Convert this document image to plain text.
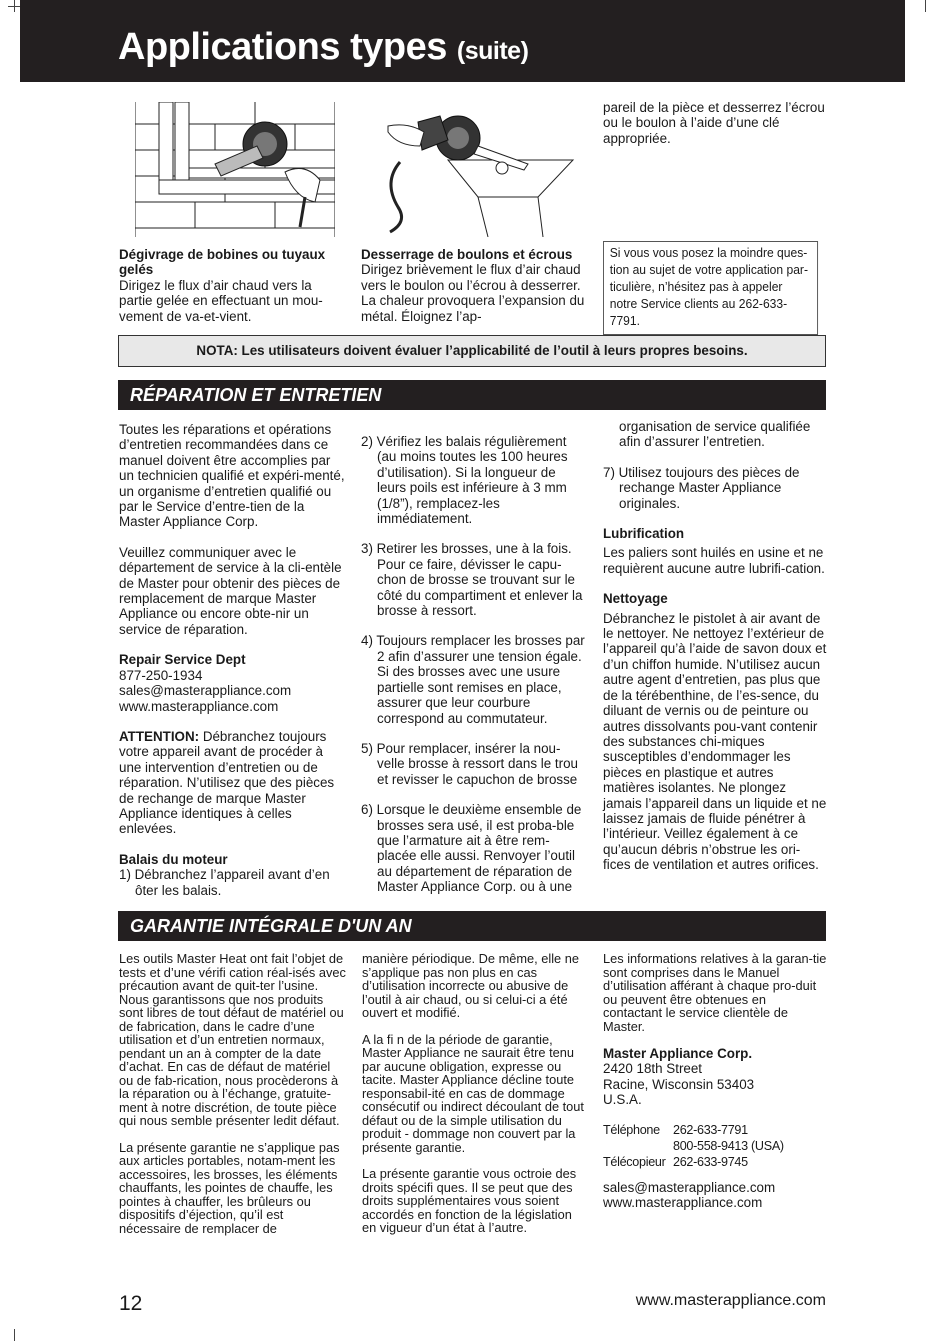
Applications types (suite)
Dégivrage de bobines ou tuyaux gelés
Dirigez le flux d’air chaud vers la partie gelée en effectuant un mou-vement de va-et-vient.
Desserrage de boulons et écrous
Dirigez brièvement le flux d’air chaud vers le boulon ou l’écrou à desserrer. La chaleur provoquera l’expansion du métal. Éloignez l’ap-
pareil de la pièce et desserrez l’écrou ou le boulon à l’aide d’une clé appropriée.
Si vous vous posez la moindre ques-tion au sujet de votre application par-ticulière, n’hésitez pas à appeler notre Service clients au 262-633-7791.
NOTA: Les utilisateurs doivent évaluer l’applicabilité de l’outil à leurs propres besoins.
RÉPARATION ET ENTRETIEN

Toutes les réparations et opérations d’entretien recommandées dans ce manuel doivent être accomplies par un technicien qualifié et expéri-menté, un organisme d’entretien qualifié ou par le Service d’entre-tien de la Master Appliance Corp.

Veuillez communiquer avec le département de service à la cli-entèle de Master pour obtenir des pièces de remplacement de marque Master Appliance ou encore obte-nir un service de réparation.

Repair Service Dept
877-250-1934
sales@masterappliance.com
www.masterappliance.com

ATTENTION: Débranchez toujours votre appareil avant de procéder à une intervention d’entretien ou de réparation. N’utilisez que des pièces de rechange de marque Master Appliance identiques à celles enlevées.

Balais du moteur
1) Débranchez l’appareil avant d’en ôter les balais.

2) Vérifiez les balais régulièrement (au moins toutes les 100 heures d’utilisation). Si la longueur de leurs poils est inférieure à 3 mm (1/8”), remplacez-les immédiatement.

3) Retirer les brosses, une à la fois. Pour ce faire, dévisser le capu-chon de brosse se trouvant sur le côté du compartiment et enlever la brosse à ressort.

4) Toujours remplacer les brosses par 2 afin d’assurer une tension égale. Si des brosses avec une usure partielle sont remises en place, assurer que leur courbure correspond au commutateur.

5) Pour remplacer, insérer la nou-velle brosse à ressort dans le trou et revisser le capuchon de brosse

6) Lorsque le deuxième ensemble de brosses sera usé, il est proba-ble que l’armature ait à être rem-placée elle aussi. Renvoyer l’outil au département de réparation de Master Appliance Corp. ou à une

organisation de service qualifiée afin d’assurer l’entretien.

7) Utilisez toujours des pièces de rechange Master Appliance originales.

Lubrification

Les paliers sont huilés en usine et ne requièrent aucune autre lubrifi-cation.

Nettoyage
Débranchez le pistolet à air avant de le nettoyer. Ne nettoyez l’extérieur de l’appareil qu’à l’aide de savon doux et d’un chiffon humide. N’utilisez aucun autre agent d’entretien, pas plus que de la térébenthine, de l’es-sence, du diluant de vernis ou de peinture ou autres dissolvants pou-vant contenir des substances chi-miques susceptibles d’endommager les pièces en plastique et autres matières isolantes. Ne plongez jamais l’appareil dans un liquide et ne laissez jamais de fluide pénétrer à l’intérieur. Veillez également à ce qu’aucun débris n’obstrue les ori-fices de ventilation et autres orifices.
GARANTIE INTÉGRALE D'UN AN

Les outils Master Heat ont fait l’objet de tests et d’une vérifi cation réal-isés avec précaution avant de quit-ter l’usine. Nous garantissons que nos produits sont libres de tout défaut de matériel ou de fabrication, dans le cadre d’une utilisation et d’un entretien normaux, pendant un an à compter de la date d’achat. En cas de défaut de matériel ou de fab-rication, nous procèderons à la réparation ou à l’échange, gratuite-ment à notre discrétion, de toute pièce qui nous semble présenter ledit défaut.

La présente garantie ne s’applique pas aux articles portables, notam-ment les accessoires, les brosses, les éléments chauffants, les pointes de chauffe, les pointes à chauffer, les brûleurs ou dispositifs d’éjection, qu’il est nécessaire de remplacer de

manière périodique. De même, elle ne s’applique pas non plus en cas d’utilisation incorrecte ou abusive de l’outil à air chaud, ou si celui-ci a été ouvert et modifié.

A la fi n de la période de garantie, Master Appliance ne saurait être tenu par aucune obligation, expresse ou tacite. Master Appliance décline toute responsabil-ité en cas de dommage consécutif ou indirect découlant de tout défaut ou de la simple utilisation du produit - dommage non couvert par la présente garantie.

La présente garantie vous octroie des droits spécifi ques. Il se peut que des droits supplémentaires vous soient accordés en fonction de la législation en vigueur d’un état à l’autre.

Les informations relatives à la garan-tie sont comprises dans le Manuel d’utilisation afférant à chaque pro-duit ou peuvent être obtenues en contactant le service clientèle de Master.

Master Appliance Corp.
2420 18th Street
Racine, Wisconsin 53403
U.S.A.
Téléphone 262-633-7791
800-558-9413 (USA)
Télécopieur 262-633-9745
sales@masterappliance.com
www.masterappliance.com
12	www.masterappliance.com
